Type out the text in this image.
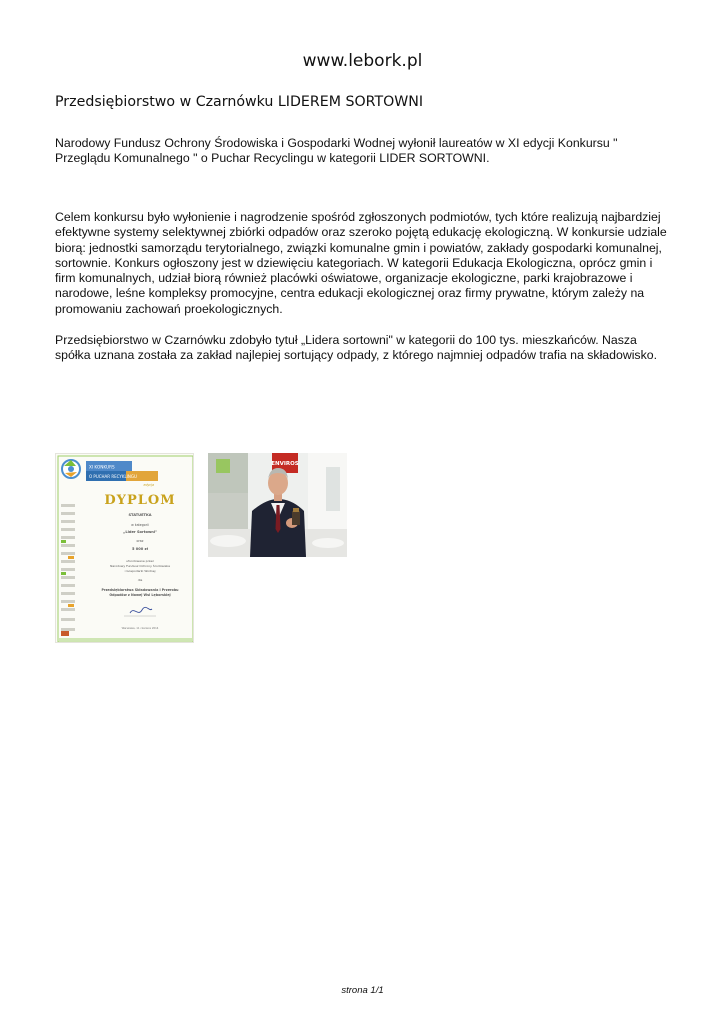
www.lebork.pl
Przedsiębiorstwo w Czarnówku LIDEREM SORTOWNI

Narodowy Fundusz Ochrony Środowiska i Gospodarki Wodnej wyłonił laureatów w XI edycji Konkursu " Przeglądu Komunalnego " o Puchar Recyclingu w kategorii LIDER SORTOWNI.

Celem konkursu było wyłonienie i nagrodzenie spośród zgłoszonych podmiotów, tych które realizują najbardziej efektywne systemy selektywnej zbiórki odpadów oraz szeroko pojętą edukację ekologiczną. W konkursie udziale biorą: jednostki samorządu terytorialnego, związki komunalne gmin i powiatów, zakłady gospodarki komunalnej, sortownie. Konkurs ogłoszony jest w dziewięciu kategoriach. W kategorii Edukacja Ekologiczna, oprócz gmin i firm komunalnych, udział biorą również placówki oświatowe, organizacje ekologiczne, parki krajobrazowe i narodowe, leśne kompleksy promocyjne, centra edukacji ekologicznej oraz firmy prywatne, którym zależy na promowaniu zachowań proekologicznych.

Przedsiębiorstwo w Czarnówku zdobyło tytuł „Lidera sortowni" w kategorii do 100 tys. mieszkańców. Nasza spółka uznana została za zakład najlepiej sortujący odpady, z którego najmniej odpadów trafia na składowisko.

XI KONKURS
O PUCHAR RECYKLINGU
edycja
DYPLOM
STATUETKA
w kategorii
„Lider Sortowni"
oraz
5 000 zł
ufundowane przez
Narodowy Fundusz Ochrony Środowiska
i Gospodarki Wodnej
dla
Przedsiębiorstwa Składowania i Przerobu
Odpadów z Nowej Wsi Lęborskiej
Warszawa, 11 czerwca 2014
ENVIROS
strona 1/1
